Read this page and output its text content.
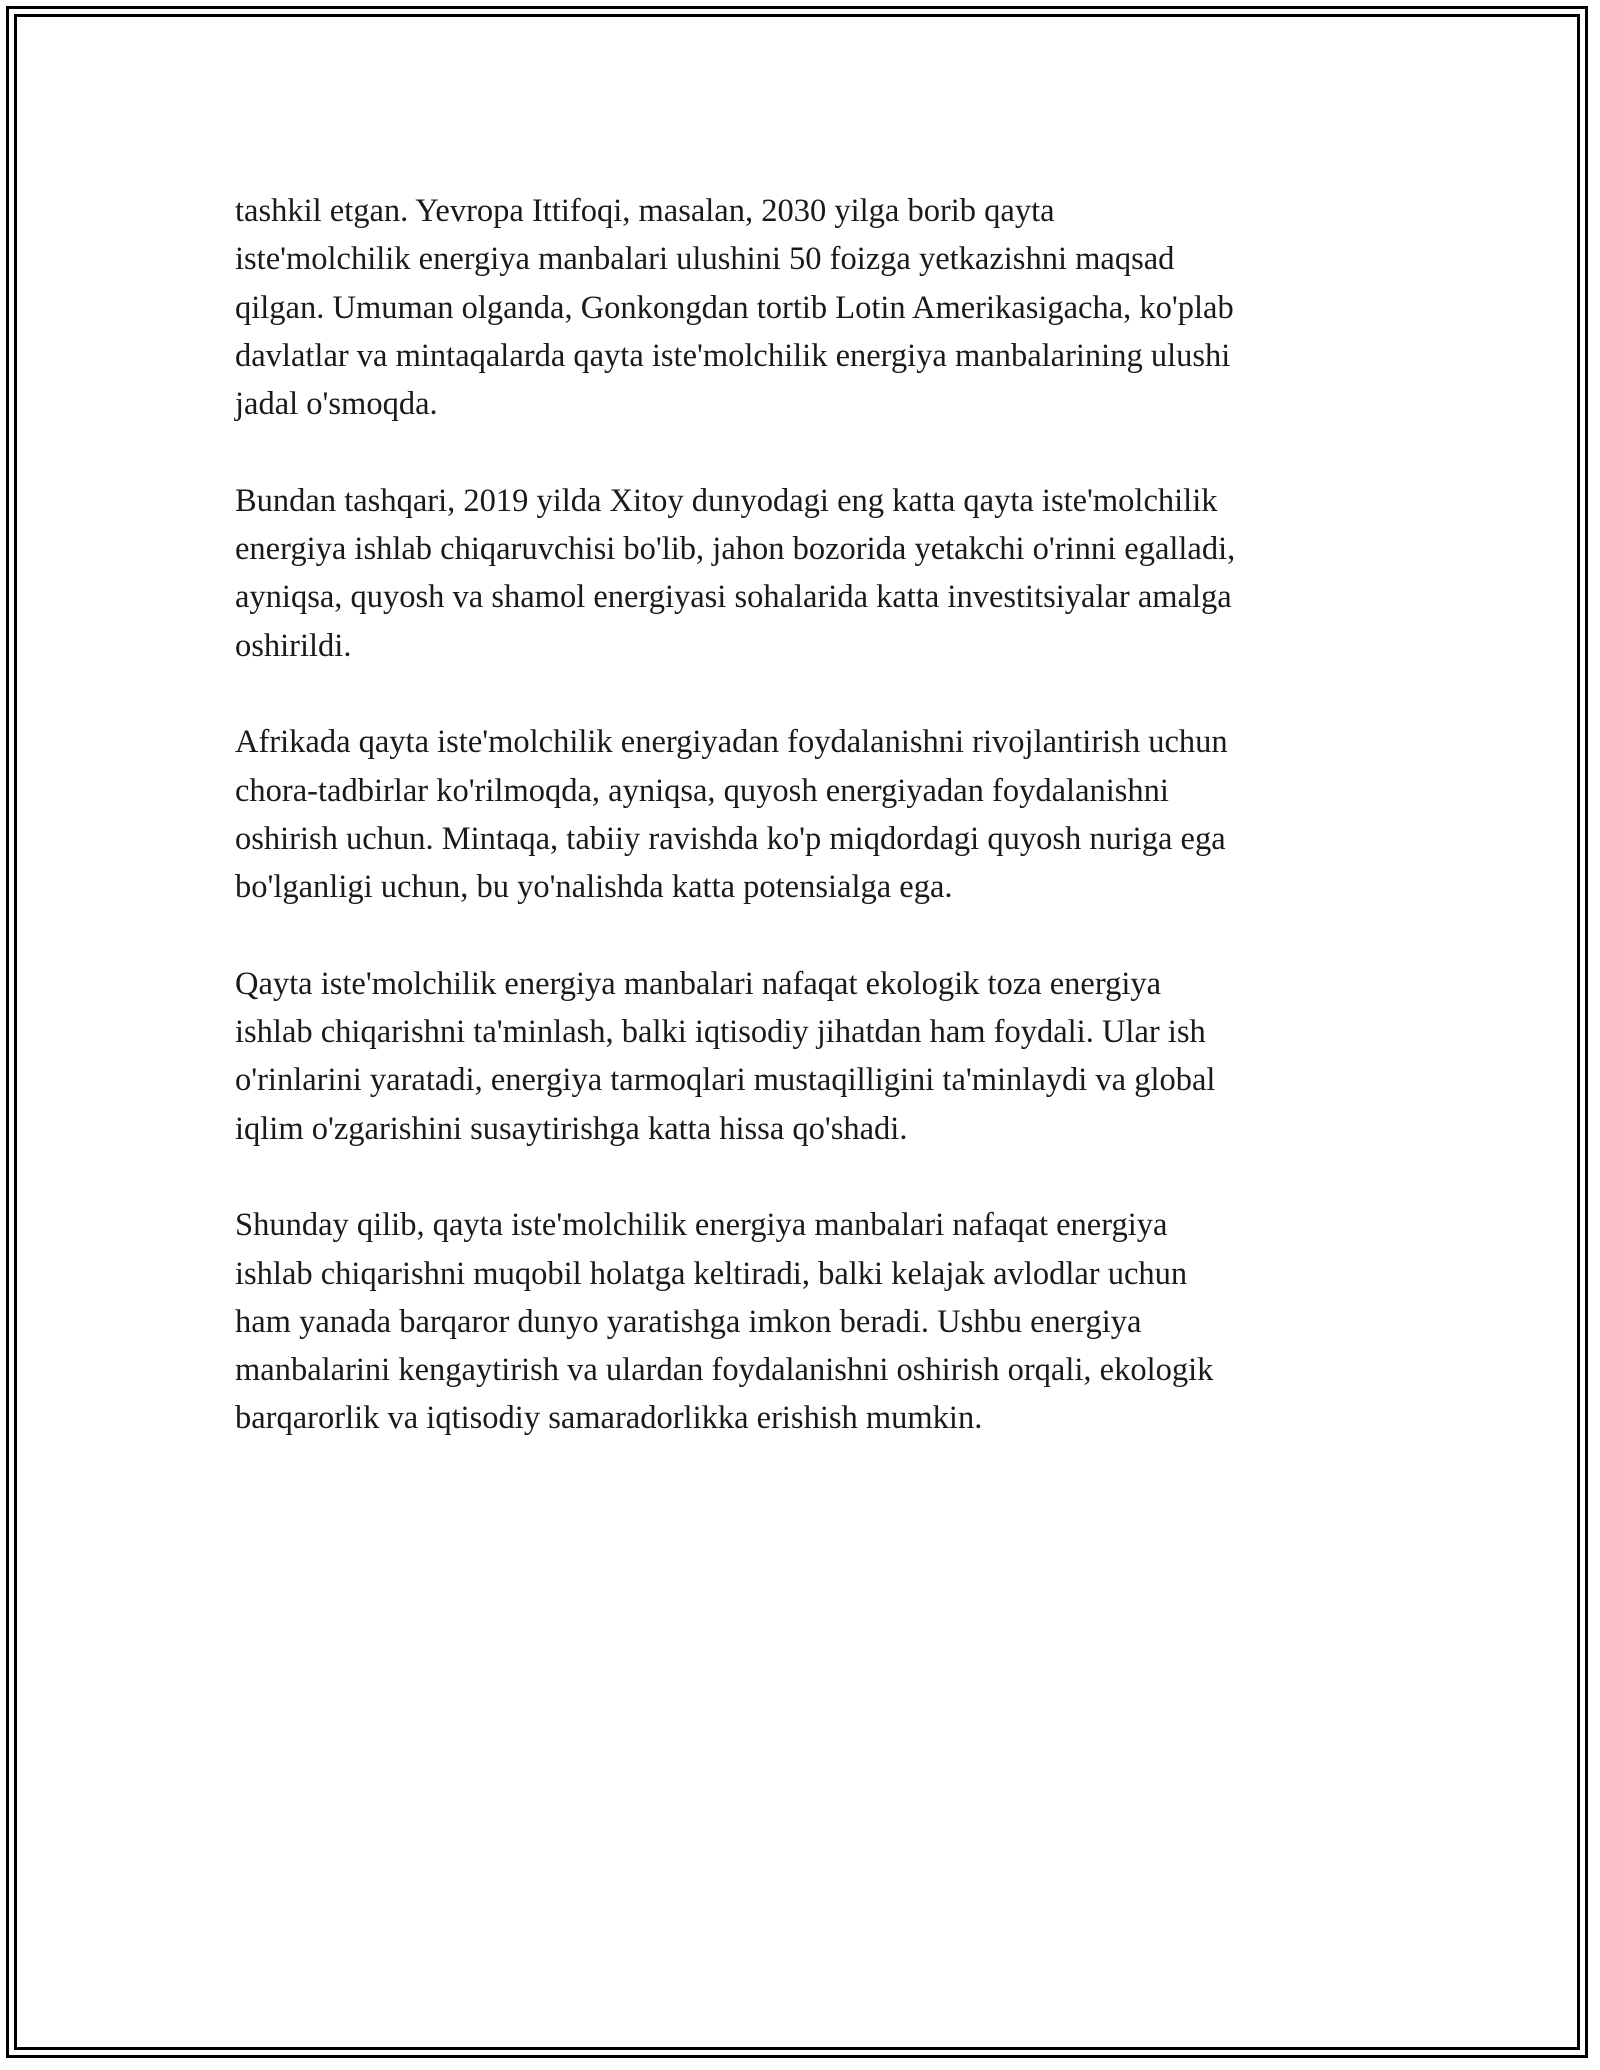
tashkil etgan. Yevropa Ittifoqi, masalan, 2030 yilga borib qayta
iste'molchilik energiya manbalari ulushini 50 foizga yetkazishni maqsad
qilgan. Umuman olganda, Gonkongdan tortib Lotin Amerikasigacha, ko'plab
davlatlar va mintaqalarda qayta iste'molchilik energiya manbalarining ulushi
jadal o'smoqda.

Bundan tashqari, 2019 yilda Xitoy dunyodagi eng katta qayta iste'molchilik
energiya ishlab chiqaruvchisi bo'lib, jahon bozorida yetakchi o'rinni egalladi,
ayniqsa, quyosh va shamol energiyasi sohalarida katta investitsiyalar amalga
oshirildi.

Afrikada qayta iste'molchilik energiyadan foydalanishni rivojlantirish uchun
chora-tadbirlar ko'rilmoqda, ayniqsa, quyosh energiyadan foydalanishni
oshirish uchun. Mintaqa, tabiiy ravishda ko'p miqdordagi quyosh nuriga ega
bo'lganligi uchun, bu yo'nalishda katta potensialga ega.

Qayta iste'molchilik energiya manbalari nafaqat ekologik toza energiya
ishlab chiqarishni ta'minlash, balki iqtisodiy jihatdan ham foydali. Ular ish
o'rinlarini yaratadi, energiya tarmoqlari mustaqilligini ta'minlaydi va global
iqlim o'zgarishini susaytirishga katta hissa qo'shadi.

Shunday qilib, qayta iste'molchilik energiya manbalari nafaqat energiya
ishlab chiqarishni muqobil holatga keltiradi, balki kelajak avlodlar uchun
ham yanada barqaror dunyo yaratishga imkon beradi. Ushbu energiya
manbalarini kengaytirish va ulardan foydalanishni oshirish orqali, ekologik
barqarorlik va iqtisodiy samaradorlikka erishish mumkin.
